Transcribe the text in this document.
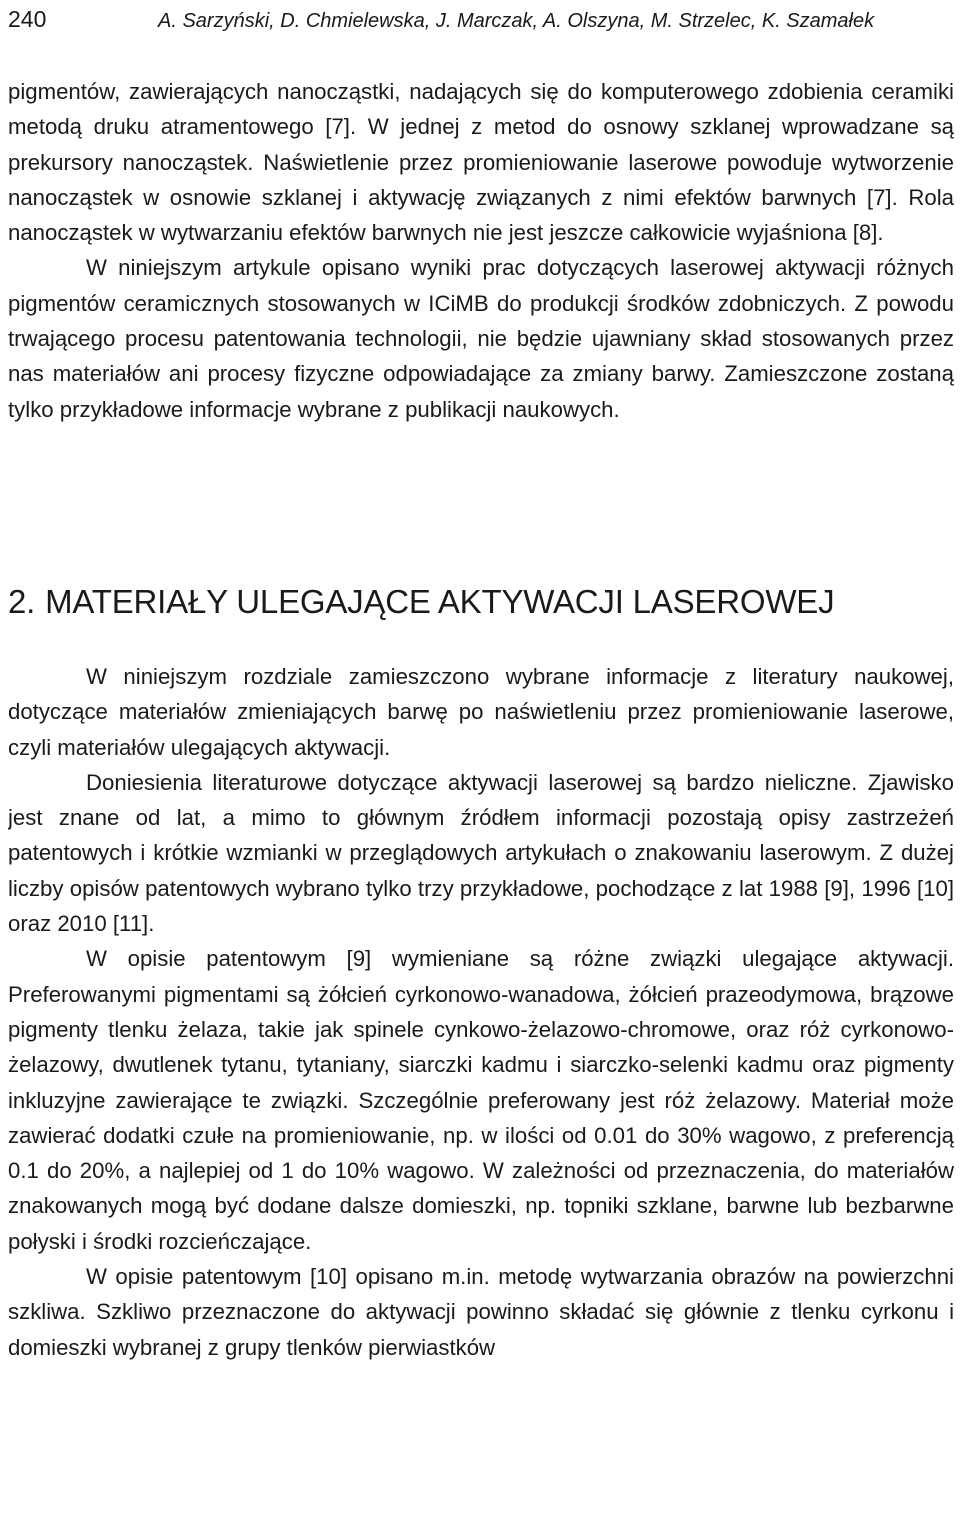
240	A. Sarzyński, D. Chmielewska, J. Marczak, A. Olszyna, M. Strzelec, K. Szamałek

pigmentów, zawierających nanocząstki, nadających się do komputerowego zdobienia ceramiki metodą druku atramentowego [7]. W jednej z metod do osnowy szklanej wprowadzane są prekursory nanocząstek. Naświetlenie przez promieniowanie laserowe powoduje wytworzenie nanocząstek w osnowie szklanej i aktywację związanych z nimi efektów barwnych [7]. Rola nanocząstek w wytwarzaniu efektów barwnych nie jest jeszcze całkowicie wyjaśniona [8].

W niniejszym artykule opisano wyniki prac dotyczących laserowej aktywacji różnych pigmentów ceramicznych stosowanych w ICiMB do produkcji środków zdobniczych. Z powodu trwającego procesu patentowania technologii, nie będzie ujawniany skład stosowanych przez nas materiałów ani procesy fizyczne odpowiadające za zmiany barwy. Zamieszczone zostaną tylko przykładowe informacje wybrane z publikacji naukowych.

2. MATERIAŁY ULEGAJĄCE AKTYWACJI LASEROWEJ

W niniejszym rozdziale zamieszczono wybrane informacje z literatury naukowej, dotyczące materiałów zmieniających barwę po naświetleniu przez promieniowanie laserowe, czyli materiałów ulegających aktywacji.

Doniesienia literaturowe dotyczące aktywacji laserowej są bardzo nieliczne. Zjawisko jest znane od lat, a mimo to głównym źródłem informacji pozostają opisy zastrzeżeń patentowych i krótkie wzmianki w przeglądowych artykułach o znakowaniu laserowym. Z dużej liczby opisów patentowych wybrano tylko trzy przykładowe, pochodzące z lat 1988 [9], 1996 [10] oraz 2010 [11].

W opisie patentowym [9] wymieniane są różne związki ulegające aktywacji. Preferowanymi pigmentami są żółcień cyrkonowo-wanadowa, żółcień prazeodymowa, brązowe pigmenty tlenku żelaza, takie jak spinele cynkowo-żelazowo-chromowe, oraz róż cyrkonowo-żelazowy, dwutlenek tytanu, tytaniany, siarczki kadmu i siarczko-selenki kadmu oraz pigmenty inkluzyjne zawierające te związki. Szczególnie preferowany jest róż żelazowy. Materiał może zawierać dodatki czułe na promieniowanie, np. w ilości od 0.01 do 30% wagowo, z preferencją 0.1 do 20%, a najlepiej od 1 do 10% wagowo. W zależności od przeznaczenia, do materiałów znakowanych mogą być dodane dalsze domieszki, np. topniki szklane, barwne lub bezbarwne połyski i środki rozcieńczające.

W opisie patentowym [10] opisano m.in. metodę wytwarzania obrazów na powierzchni szkliwa. Szkliwo przeznaczone do aktywacji powinno składać się głównie z tlenku cyrkonu i domieszki wybranej z grupy tlenków pierwiastków
